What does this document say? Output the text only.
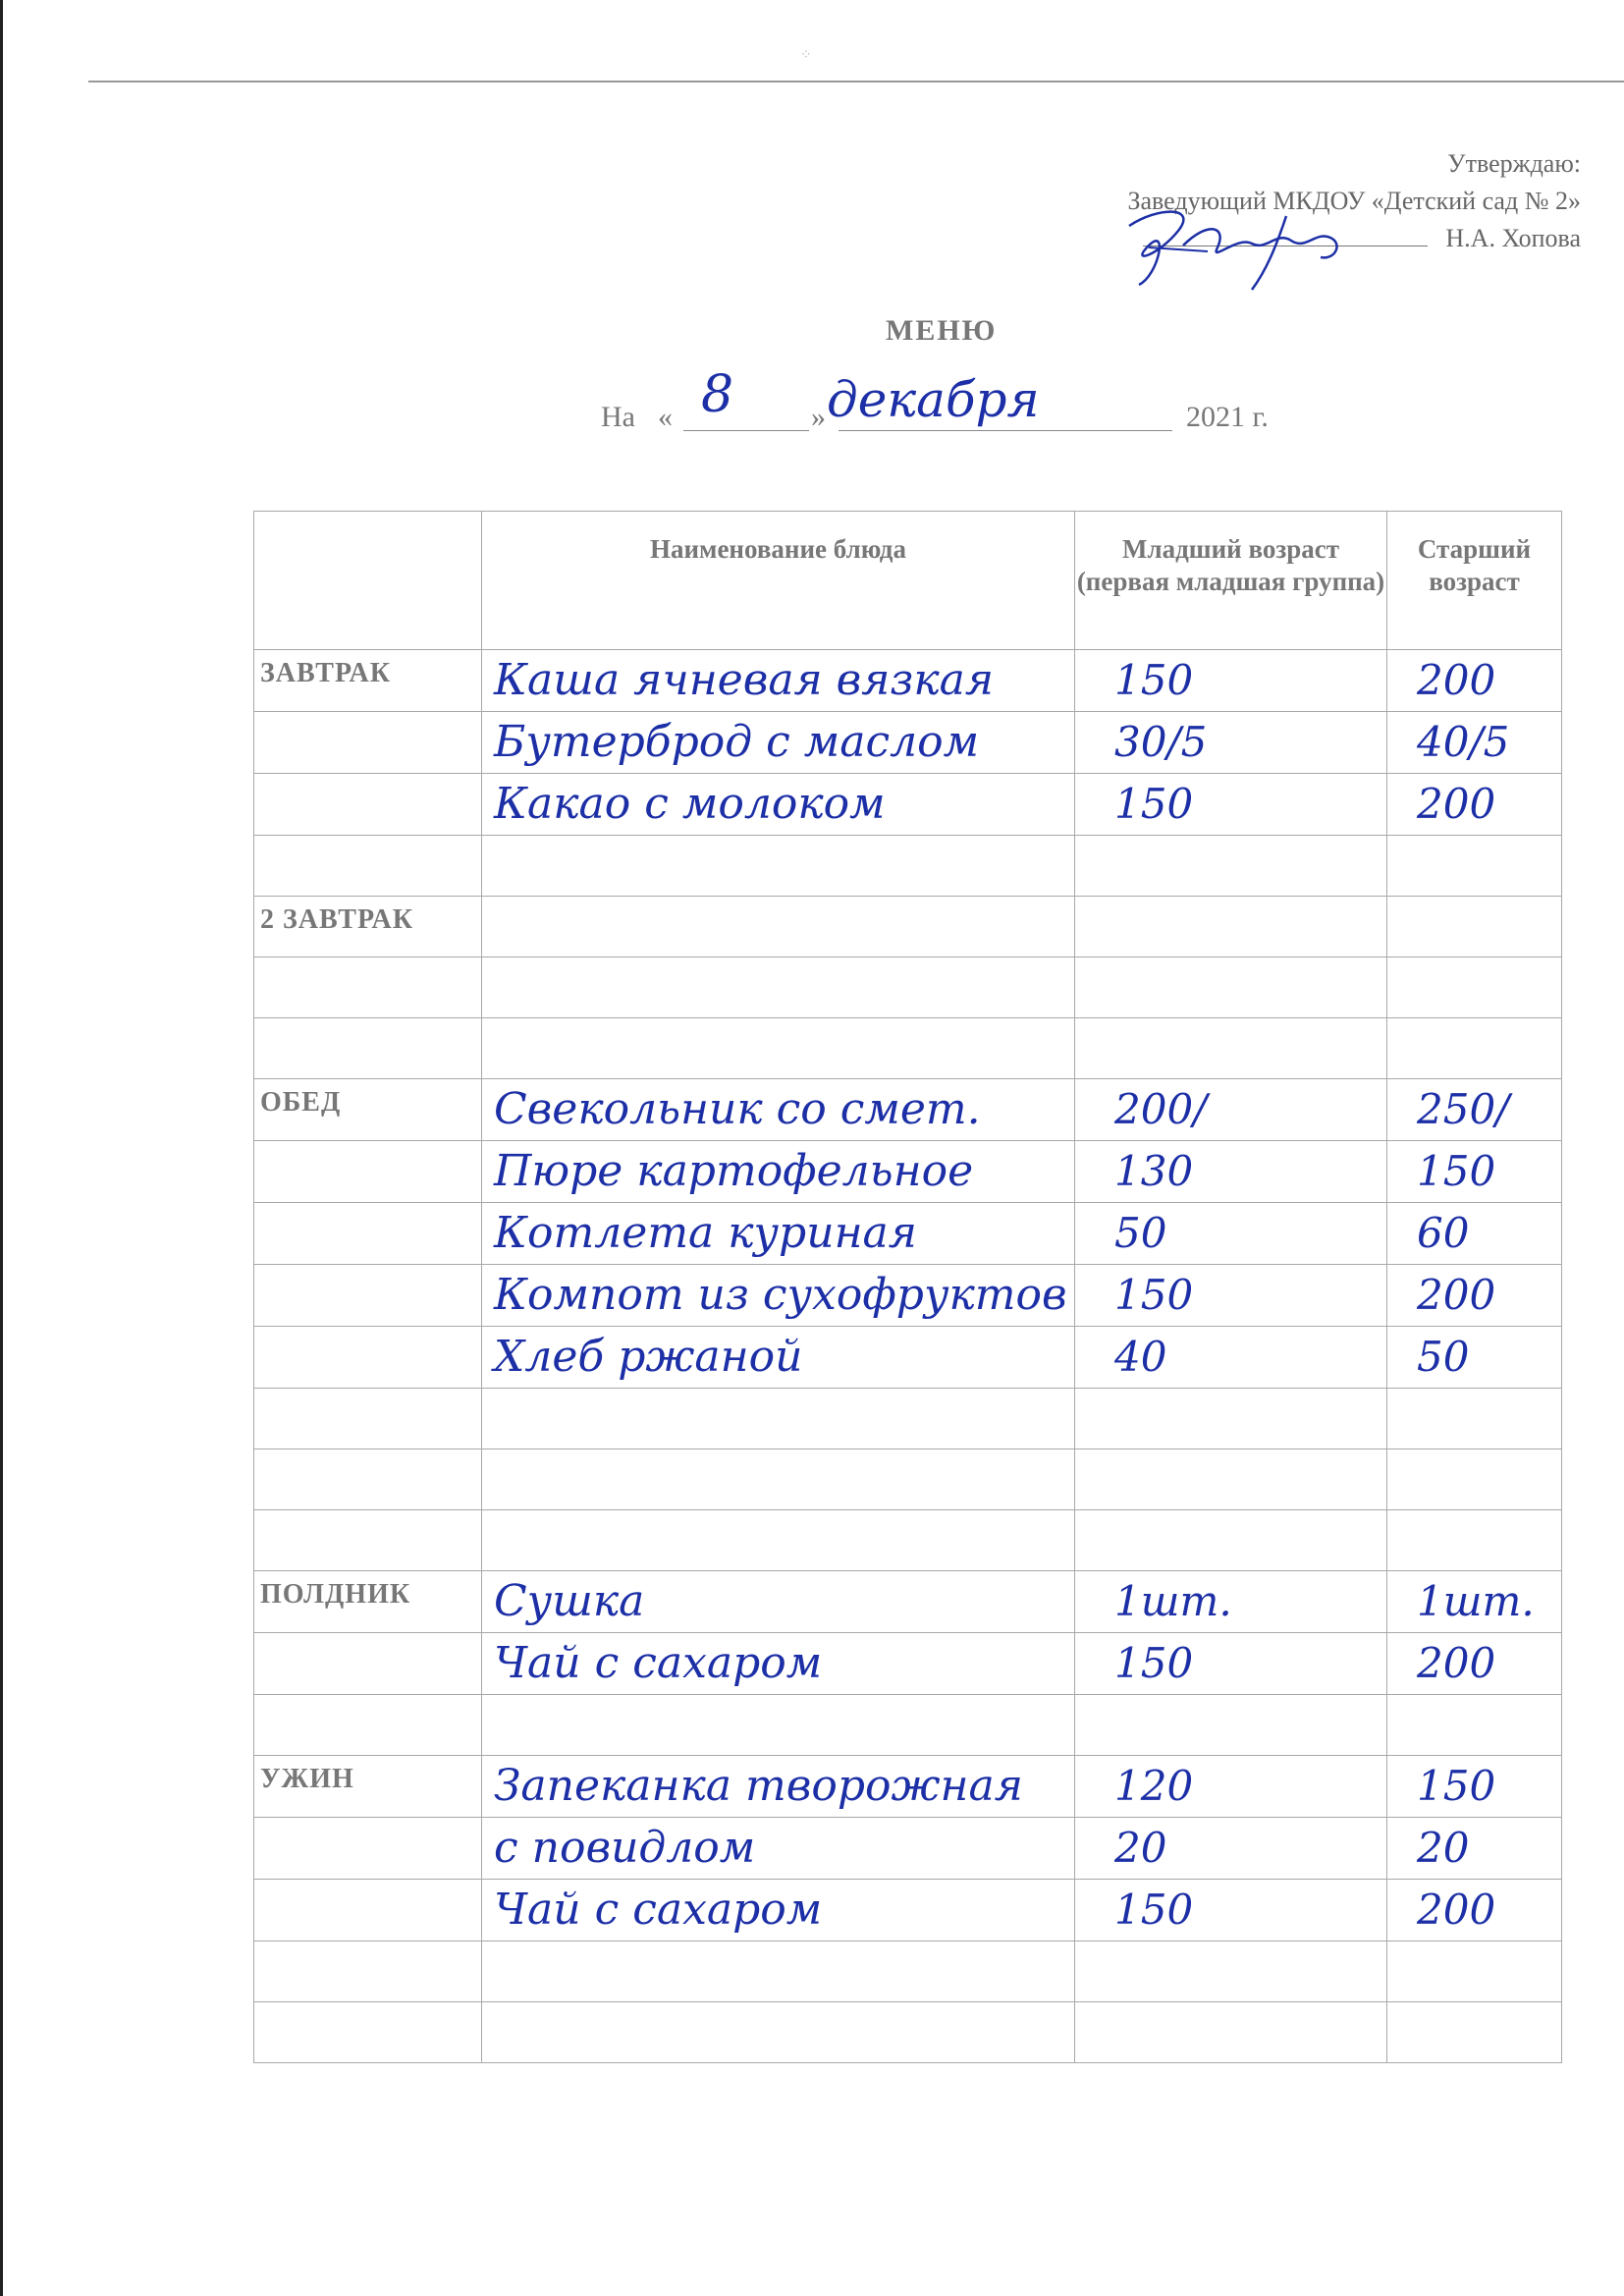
⁘
Утверждаю:
Заведующий МКДОУ «Детский сад № 2»
Н.А. Хопова
МЕНЮ
На « 8	» декабря	2021 г.
	Наименование блюда	Младший возраст (первая младшая группа)	Старший возраст

ЗАВТРАК	Каша ячневая вязкая	150	200

	Бутерброд с маслом	30/5	40/5

	Какао с молоком	150	200

2 ЗАВТРАК			

ОБЕД	Свекольник со смет.	200/	250/

	Пюре картофельное	130	150

	Котлета куриная	50	60

	Компот из сухофруктов	150	200

	Хлеб ржаной	40	50

ПОЛДНИК	Сушка	1шт.	1шт.

	Чай с сахаром	150	200

УЖИН	Запеканка творожная	120	150

	с повидлом	20	20

	Чай с сахаром	150	200
